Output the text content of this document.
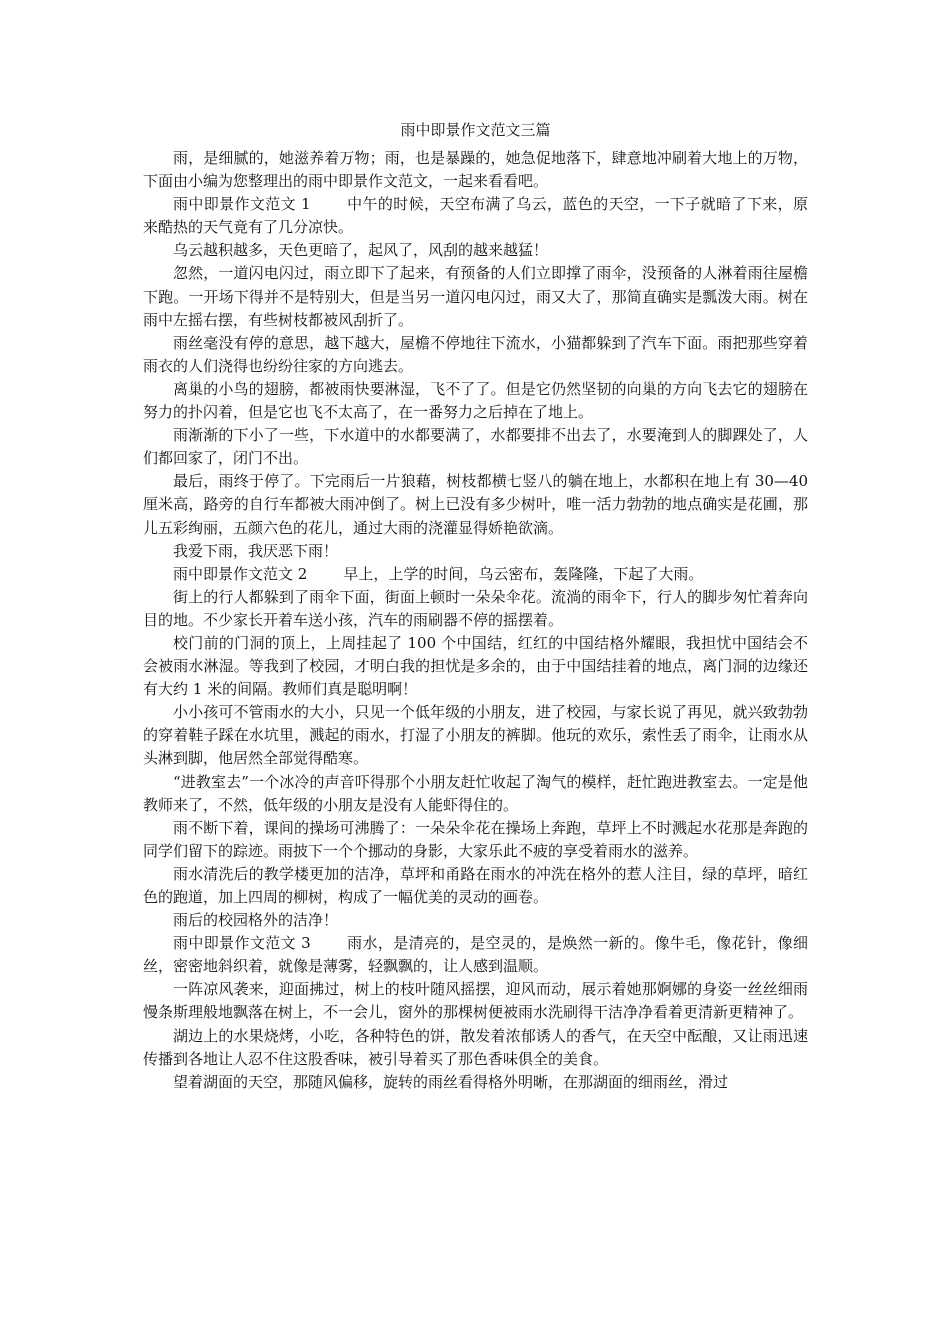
雨中即景作文范文三篇

雨，是细腻的，她滋养着万物；雨，也是暴躁的，她急促地落下，肆意地冲刷着大地上的万物，下面由小编为您整理出的雨中即景作文范文，一起来看看吧。

雨中即景作文范文 1 中午的时候，天空布满了乌云，蓝色的天空，一下子就暗了下来，原来酷热的天气竟有了几分凉快。

乌云越积越多，天色更暗了，起风了，风刮的越来越猛！

忽然，一道闪电闪过，雨立即下了起来，有预备的人们立即撑了雨伞，没预备的人淋着雨往屋檐下跑。一开场下得并不是特别大，但是当另一道闪电闪过，雨又大了，那简直确实是瓢泼大雨。树在雨中左摇右摆，有些树枝都被风刮折了。

雨丝毫没有停的意思，越下越大，屋檐不停地往下流水，小猫都躲到了汽车下面。雨把那些穿着雨衣的人们浇得也纷纷往家的方向逃去。

离巢的小鸟的翅膀，都被雨快要淋湿，飞不了了。但是它仍然坚韧的向巢的方向飞去它的翅膀在努力的扑闪着，但是它也飞不太高了，在一番努力之后掉在了地上。

雨渐渐的下小了一些，下水道中的水都要满了，水都要排不出去了，水要淹到人的脚踝处了，人们都回家了，闭门不出。

最后，雨终于停了。下完雨后一片狼藉，树枝都横七竖八的躺在地上，水都积在地上有 30—40 厘米高，路旁的自行车都被大雨冲倒了。树上已没有多少树叶，唯一活力勃勃的地点确实是花圃，那儿五彩绚丽，五颜六色的花儿，通过大雨的浇灌显得娇艳欲滴。

我爱下雨，我厌恶下雨！

雨中即景作文范文 2 早上，上学的时间，乌云密布，轰隆隆，下起了大雨。

街上的行人都躲到了雨伞下面，街面上顿时一朵朵伞花。流淌的雨伞下，行人的脚步匆忙着奔向目的地。不少家长开着车送小孩，汽车的雨刷器不停的摇摆着。

校门前的门洞的顶上，上周挂起了 100 个中国结，红红的中国结格外耀眼，我担忧中国结会不会被雨水淋湿。等我到了校园，才明白我的担忧是多余的，由于中国结挂着的地点，离门洞的边缘还有大约 1 米的间隔。教师们真是聪明啊！

小小孩可不管雨水的大小，只见一个低年级的小朋友，进了校园，与家长说了再见，就兴致勃勃的穿着鞋子踩在水坑里，溅起的雨水，打湿了小朋友的裤脚。他玩的欢乐，索性丢了雨伞，让雨水从头淋到脚，他居然全部觉得酷寒。

“进教室去”一个冰冷的声音吓得那个小朋友赶忙收起了淘气的模样，赶忙跑进教室去。一定是他教师来了，不然，低年级的小朋友是没有人能虾得住的。

雨不断下着，课间的操场可沸腾了：一朵朵伞花在操场上奔跑，草坪上不时溅起水花那是奔跑的同学们留下的踪迹。雨披下一个个挪动的身影，大家乐此不疲的享受着雨水的滋养。

雨水清洗后的教学楼更加的洁净，草坪和甬路在雨水的冲洗在格外的惹人注目，绿的草坪，暗红色的跑道，加上四周的柳树，构成了一幅优美的灵动的画卷。

雨后的校园格外的洁净！

雨中即景作文范文 3 雨水，是清亮的，是空灵的，是焕然一新的。像牛毛，像花针，像细丝，密密地斜织着，就像是薄雾，轻飘飘的，让人感到温顺。

一阵凉风袭来，迎面拂过，树上的枝叶随风摇摆，迎风而动，展示着她那婀娜的身姿一丝丝细雨慢条斯理般地飘落在树上，不一会儿，窗外的那棵树便被雨水洗刷得干洁净净看着更清新更精神了。

湖边上的水果烧烤，小吃，各种特色的饼，散发着浓郁诱人的香气，在天空中酝酿，又让雨迅速传播到各地让人忍不住这股香味，被引导着买了那色香味俱全的美食。

望着湖面的天空，那随风偏移，旋转的雨丝看得格外明晰，在那湖面的细雨丝，滑过
